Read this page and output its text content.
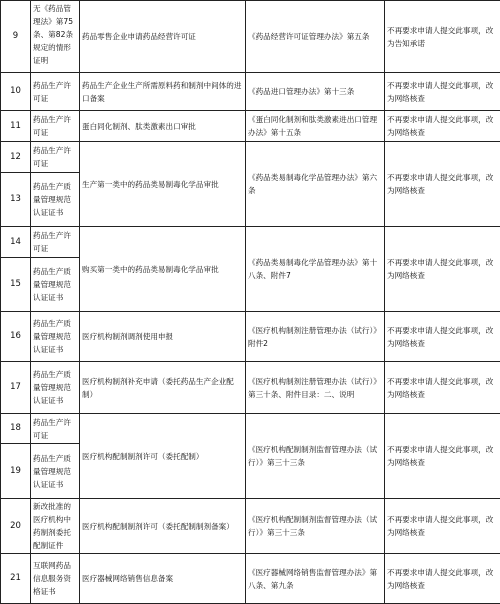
9	无《药品管理法》第75条、第82条规定的情形证明	药品零售企业申请药品经营许可证	《药品经营许可证管理办法》第五条	不再要求申请人提交此事项，改为告知承诺
10	药品生产许可证	药品生产企业生产所需原料药和制剂中间体的进口备案	《药品进口管理办法》第十三条	不再要求申请人提交此事项，改为网络核查
11	药品生产许可证	蛋白同化制剂、肽类激素出口审批	《蛋白同化制剂和肽类激素进出口管理办法》第十五条	不再要求申请人提交此事项，改为网络核查
12	药品生产许可证	生产第一类中的药品类易制毒化学品审批	《药品类易制毒化学品管理办法》第六条	不再要求申请人提交此事项，改为网络核查
13	药品生产质量管理规范认证证书			
14	药品生产许可证	购买第一类中的药品类易制毒化学品审批	《药品类易制毒化学品管理办法》第十八条、附件7	不再要求申请人提交此事项，改为网络核查
15	药品生产质量管理规范认证证书			
16	药品生产质量管理规范认证证书	医疗机构制剂调剂使用申报	《医疗机构制剂注册管理办法（试行）》附件2	不再要求申请人提交此事项，改为网络核查
17	药品生产质量管理规范认证证书	医疗机构制剂补充申请（委托药品生产企业配制）	《医疗机构制剂注册管理办法（试行）》第三十条、附件目录：二、说明	不再要求申请人提交此事项，改为网络核查
18	药品生产许可证	医疗机构配制制剂许可（委托配制）	《医疗机构配制制剂监督管理办法（试行）》第三十三条	不再要求申请人提交此事项，改为网络核查
19	药品生产质量管理规范认证证书			
20	新改批准的医疗机构中药制剂委托配制证件	医疗机构配制制剂许可（委托配制制剂备案）	《医疗机构配制制剂监督管理办法（试行）》第三十三条	不再要求申请人提交此事项，改为网络核查
21	互联网药品信息服务资格证书	医疗器械网络销售信息备案	《医疗器械网络销售监督管理办法》第八条、第九条	不再要求申请人提交此事项，改为网络核查
